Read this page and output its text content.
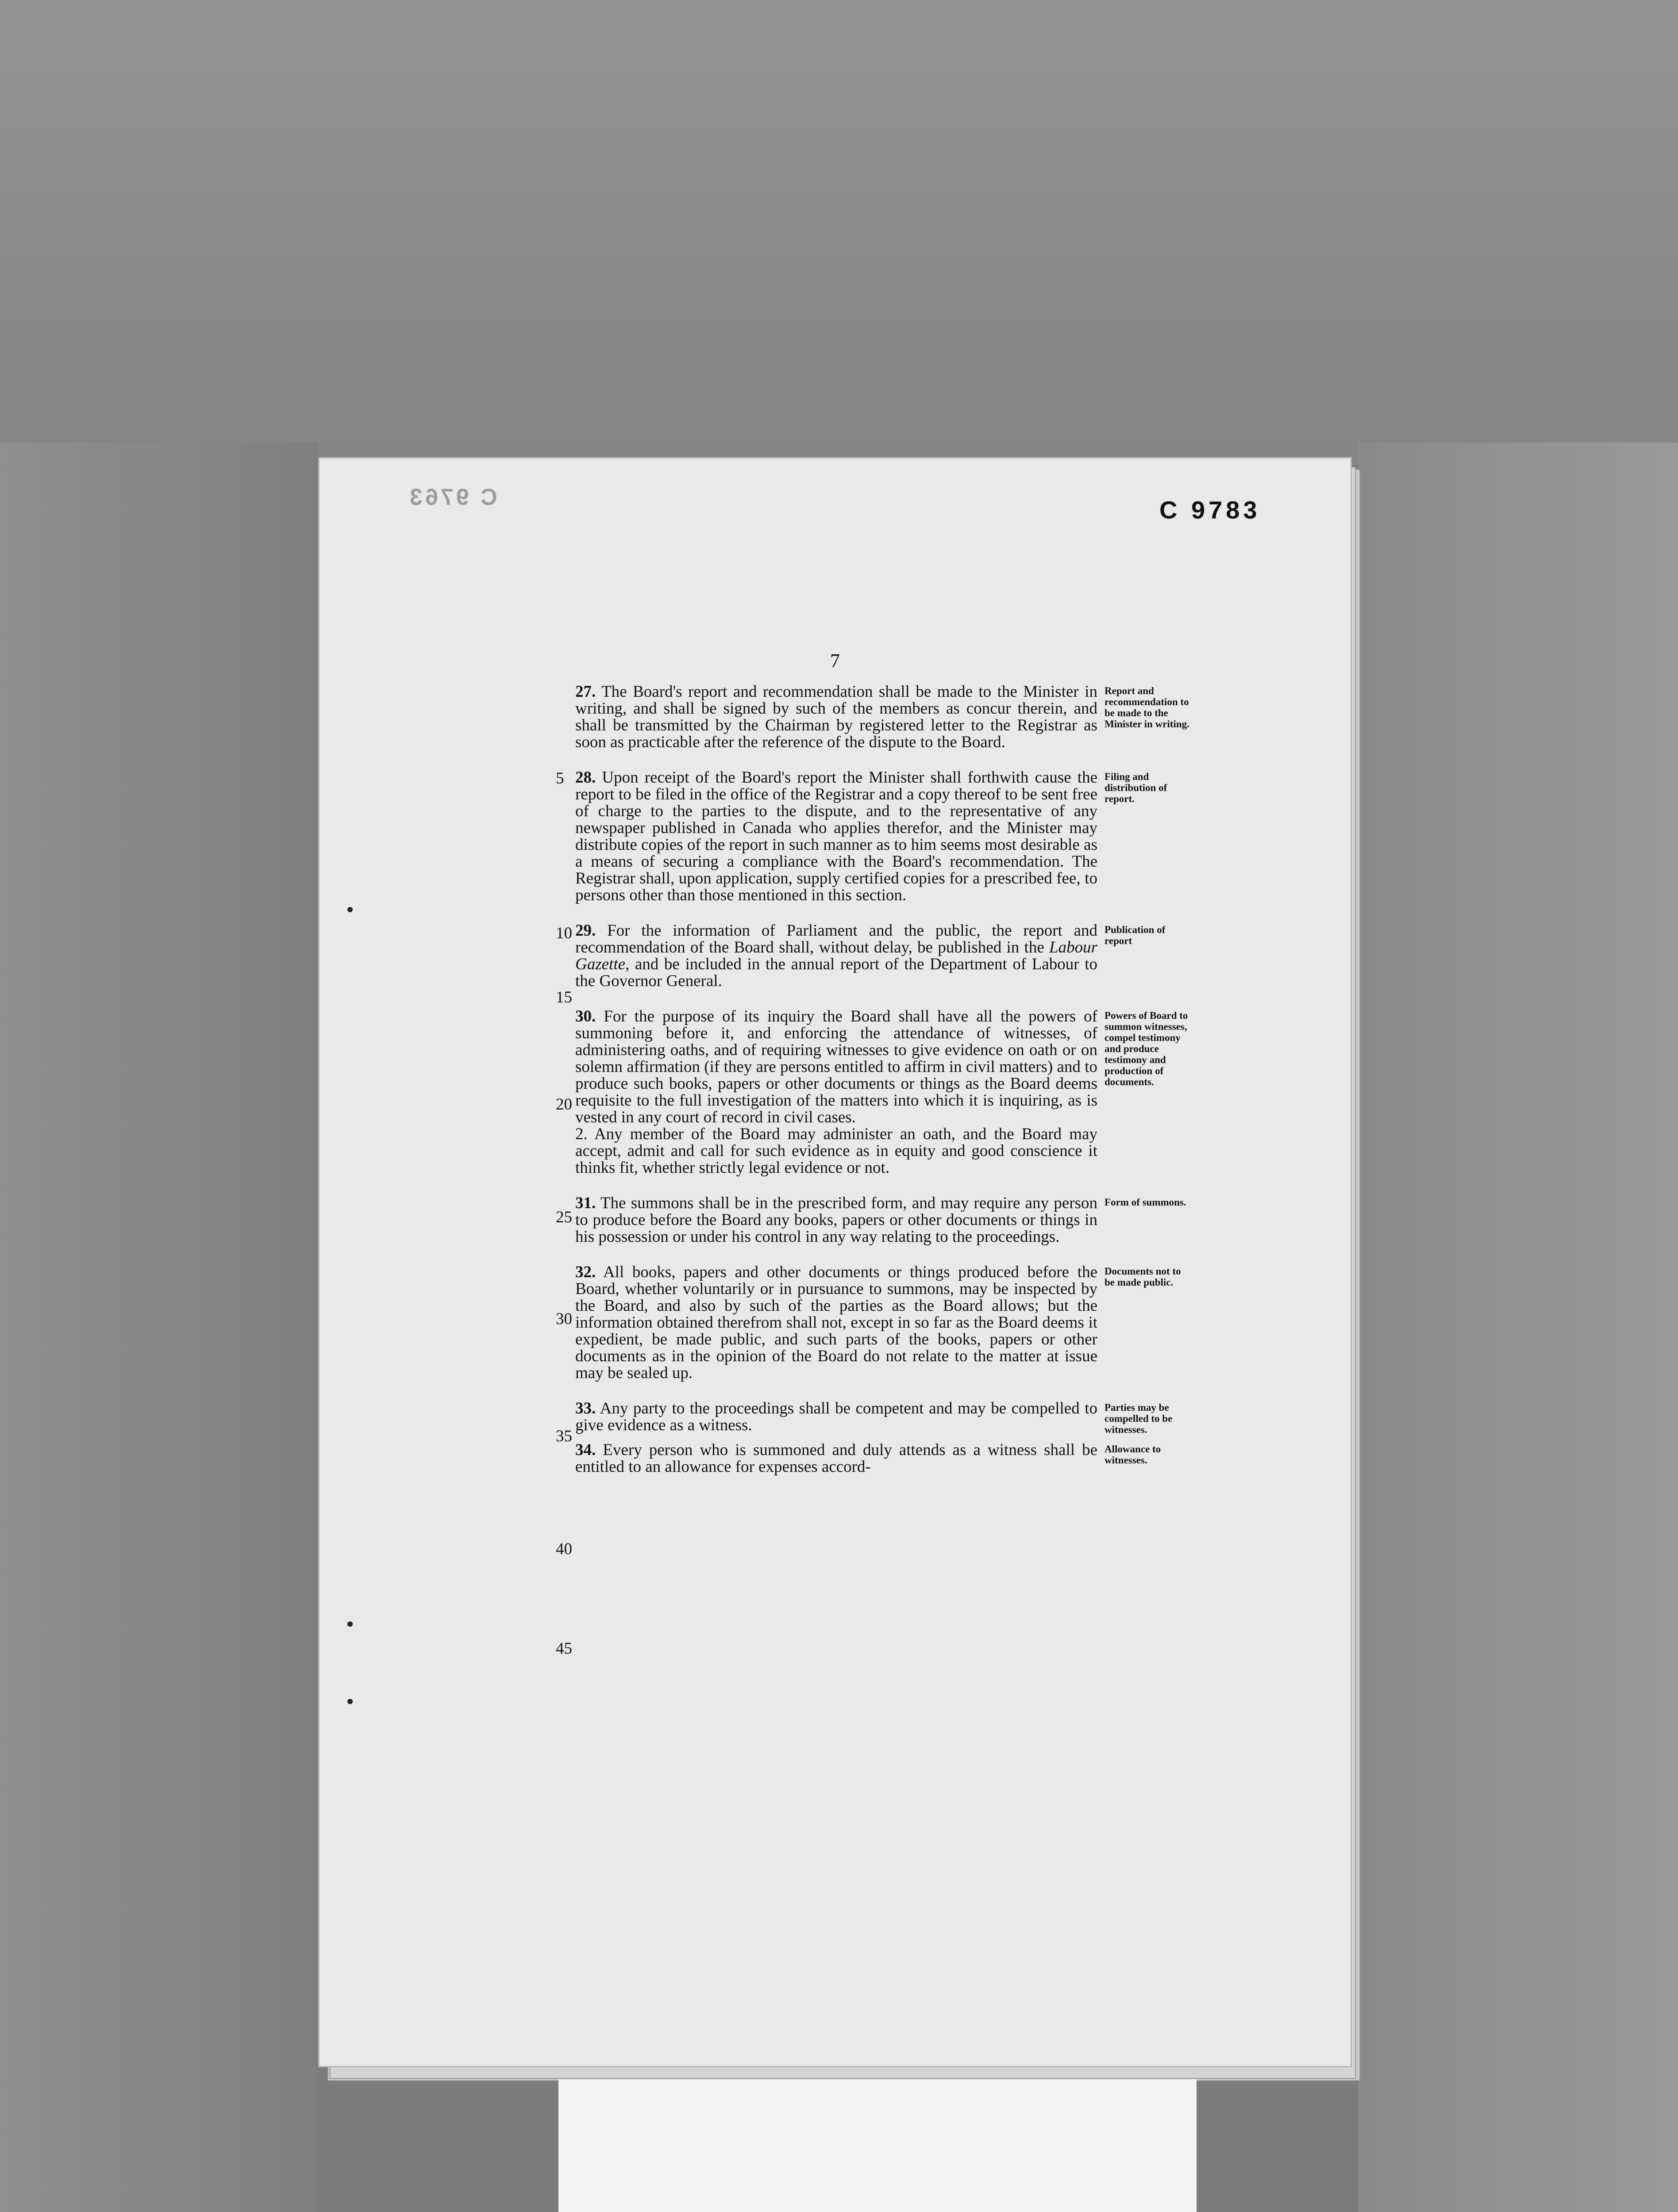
C 9763	C 9783
7

27. The Board's report and recommendation shall be made to the Minister in writing, and shall be signed by such of the members as concur therein, and shall be transmitted by the Chairman by registered letter to the Registrar as soon as practicable after the reference of the dispute to the Board.

Report and recommendation to be made to the Minister in writing.

28. Upon receipt of the Board's report the Minister shall forthwith cause the report to be filed in the office of the Registrar and a copy thereof to be sent free of charge to the parties to the dispute, and to the representative of any newspaper published in Canada who applies therefor, and the Minister may distribute copies of the report in such manner as to him seems most desirable as a means of securing a compliance with the Board's recommendation. The Registrar shall, upon application, supply certified copies for a prescribed fee, to persons other than those mentioned in this section.

Filing and distribution of report.

29. For the information of Parliament and the public, the report and recommendation of the Board shall, without delay, be published in the Labour Gazette, and be included in the annual report of the Department of Labour to the Governor General.

Publication of report

30. For the purpose of its inquiry the Board shall have all the powers of summoning before it, and enforcing the attendance of witnesses, of administering oaths, and of requiring witnesses to give evidence on oath or on solemn affirmation (if they are persons entitled to affirm in civil matters) and to produce such books, papers or other documents or things as the Board deems requisite to the full investigation of the matters into which it is inquiring, as is vested in any court of record in civil cases.

2. Any member of the Board may administer an oath, and the Board may accept, admit and call for such evidence as in equity and good conscience it thinks fit, whether strictly legal evidence or not.

Powers of Board to summon witnesses, compel testimony and produce testimony and production of documents.

31. The summons shall be in the prescribed form, and may require any person to produce before the Board any books, papers or other documents or things in his possession or under his control in any way relating to the proceedings.

Form of summons.

32. All books, papers and other documents or things produced before the Board, whether voluntarily or in pursuance to summons, may be inspected by the Board, and also by such of the parties as the Board allows; but the information obtained therefrom shall not, except in so far as the Board deems it expedient, be made public, and such parts of the books, papers or other documents as in the opinion of the Board do not relate to the matter at issue may be sealed up.

Documents not to be made public.

33. Any party to the proceedings shall be competent and may be compelled to give evidence as a witness.

Parties may be compelled to be witnesses.

34. Every person who is summoned and duly attends as a witness shall be entitled to an allowance for expenses accord-

Allowance to witnesses.
5
10
15
20
25
30
35
40
45
